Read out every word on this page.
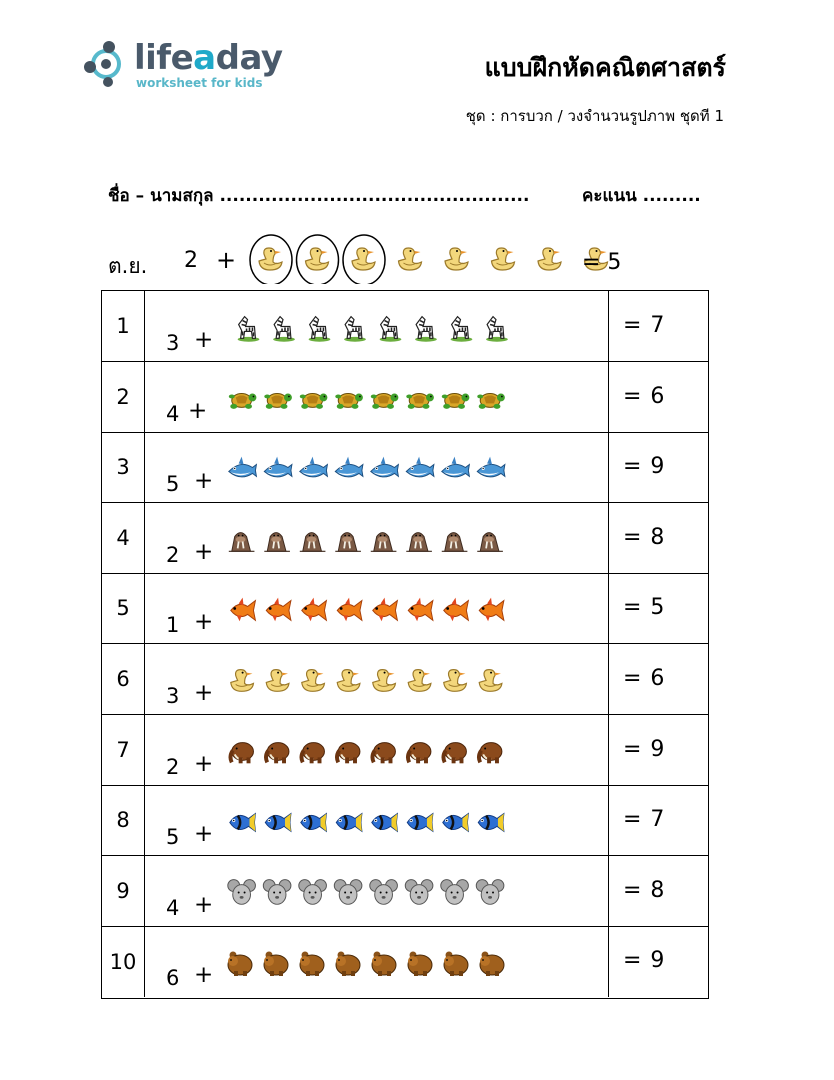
lifeaday
worksheet for kids
แบบฝึกหัดคณิตศาสตร์
ชุด : การบวก / วงจำนวนรูปภาพ ชุดที 1
ชื่อ – นามสกุล ................................................	คะแนน .........
ต.ย. 2 +	= 5
1
3 +
= 7
2
4 +
= 6
3
5 +
= 9
4
2 +
= 8
5
1 +
= 5
6
3 +
= 6
7
2 +
= 9
8
5 +
= 7
9
4 +
= 8
10
6 +
= 9
